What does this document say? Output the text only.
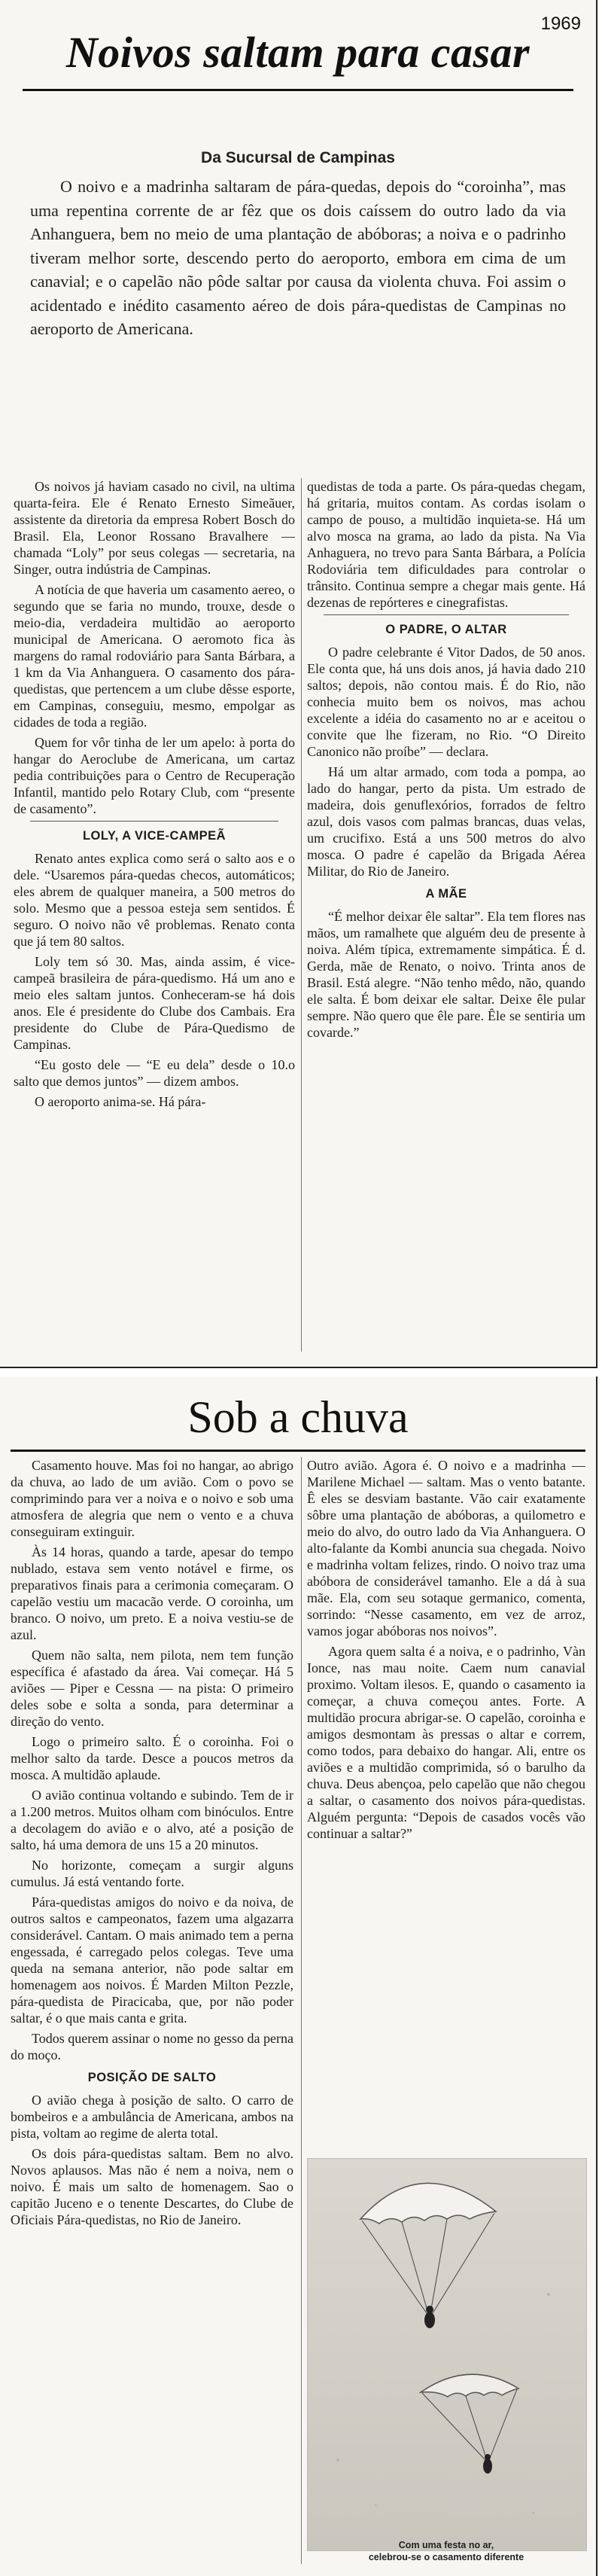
1969
Noivos saltam para casar
Da Sucursal de Campinas

O noivo e a madrinha saltaram de pára-quedas, depois do “coroinha”, mas uma repentina corrente de ar fêz que os dois caíssem do outro lado da via Anhanguera, bem no meio de uma plantação de abóboras; a noiva e o padrinho tiveram melhor sorte, descendo perto do aeroporto, embora em cima de um canavial; e o capelão não pôde saltar por causa da violenta chuva. Foi assim o acidentado e inédito casamento aéreo de dois pára-quedistas de Campinas no aeroporto de Americana.

Os noivos já haviam casado no civil, na ultima quarta-feira. Ele é Renato Ernesto Simeãuer, assistente da diretoria da empresa Robert Bosch do Brasil. Ela, Leonor Rossano Bravalhere — chamada “Loly” por seus colegas — secretaria, na Singer, outra indústria de Campinas.

A notícia de que haveria um casamento aereo, o segundo que se faria no mundo, trouxe, desde o meio-dia, verdadeira multidão ao aeroporto municipal de Americana. O aeromoto fica às margens do ramal rodoviário para Santa Bárbara, a 1 km da Via Anhanguera. O casamento dos pára-quedistas, que pertencem a um clube dêsse esporte, em Campinas, conseguiu, mesmo, empolgar as cidades de toda a região.

Quem for vôr tinha de ler um apelo: à porta do hangar do Aeroclube de Americana, um cartaz pedia contribuições para o Centro de Recuperação Infantil, mantido pelo Rotary Club, com “presente de casamento”.

LOLY, A VICE-CAMPEÃ

Renato antes explica como será o salto aos e o dele. “Usaremos pára-quedas checos, automáticos; eles abrem de qualquer maneira, a 500 metros do solo. Mesmo que a pessoa esteja sem sentidos. É seguro. O noivo não vê problemas. Renato conta que já tem 80 saltos.

Loly tem só 30. Mas, ainda assim, é vice-campeã brasileira de pára-quedismo. Há um ano e meio eles saltam juntos. Conheceram-se há dois anos. Ele é presidente do Clube dos Cambais. Era presidente do Clube de Pára-Quedismo de Campinas.

“Eu gosto dele — “E eu dela” desde o 10.o salto que demos juntos” — dizem ambos.

O aeroporto anima-se. Há pára-

quedistas de toda a parte. Os pára-quedas chegam, há gritaria, muitos contam. As cordas isolam o campo de pouso, a multidão inquieta-se. Há um alvo mosca na grama, ao lado da pista. Na Via Anhaguera, no trevo para Santa Bárbara, a Polícia Rodoviária tem dificuldades para controlar o trânsito. Continua sempre a chegar mais gente. Há dezenas de repórteres e cinegrafistas.

O PADRE, O ALTAR

O padre celebrante é Vitor Dados, de 50 anos. Ele conta que, há uns dois anos, já havia dado 210 saltos; depois, não contou mais. É do Rio, não conhecia muito bem os noivos, mas achou excelente a idéia do casamento no ar e aceitou o convite que lhe fizeram, no Rio. “O Direito Canonico não proíbe” — declara.

Há um altar armado, com toda a pompa, ao lado do hangar, perto da pista. Um estrado de madeira, dois genuflexórios, forrados de feltro azul, dois vasos com palmas brancas, duas velas, um crucifixo. Está a uns 500 metros do alvo mosca. O padre é capelão da Brigada Aérea Militar, do Rio de Janeiro.

A MÃE

“É melhor deixar êle saltar”. Ela tem flores nas mãos, um ramalhete que alguém deu de presente à noiva. Além típica, extremamente simpática. É d. Gerda, mãe de Renato, o noivo. Trinta anos de Brasil. Está alegre. “Não tenho mêdo, não, quando ele salta. É bom deixar ele saltar. Deixe êle pular sempre. Não quero que êle pare. Êle se sentiria um covarde.”

Sob a chuva

Casamento houve. Mas foi no hangar, ao abrigo da chuva, ao lado de um avião. Com o povo se comprimindo para ver a noiva e o noivo e sob uma atmosfera de alegria que nem o vento e a chuva conseguiram extinguir.

Às 14 horas, quando a tarde, apesar do tempo nublado, estava sem vento notável e firme, os preparativos finais para a cerimonia começaram. O capelão vestiu um macacão verde. O coroinha, um branco. O noivo, um preto. E a noiva vestiu-se de azul.

Quem não salta, nem pilota, nem tem função específica é afastado da área. Vai começar. Há 5 aviões — Piper e Cessna — na pista: O primeiro deles sobe e solta a sonda, para determinar a direção do vento.

Logo o primeiro salto. É o coroinha. Foi o melhor salto da tarde. Desce a poucos metros da mosca. A multidão aplaude.

O avião continua voltando e subindo. Tem de ir a 1.200 metros. Muitos olham com binóculos. Entre a decolagem do avião e o alvo, até a posição de salto, há uma demora de uns 15 a 20 minutos.

No horizonte, começam a surgir alguns cumulus. Já está ventando forte.

Pára-quedistas amigos do noivo e da noiva, de outros saltos e campeonatos, fazem uma algazarra considerável. Cantam. O mais animado tem a perna engessada, é carregado pelos colegas. Teve uma queda na semana anterior, não pode saltar em homenagem aos noivos. É Marden Milton Pezzle, pára-quedista de Piracicaba, que, por não poder saltar, é o que mais canta e grita.

Todos querem assinar o nome no gesso da perna do moço.

POSIÇÃO DE SALTO

O avião chega à posição de salto. O carro de bombeiros e a ambulância de Americana, ambos na pista, voltam ao regime de alerta total.

Os dois pára-quedistas saltam. Bem no alvo. Novos aplausos. Mas não é nem a noiva, nem o noivo. É mais um salto de homenagem. Sao o capitão Juceno e o tenente Descartes, do Clube de Oficiais Pára-quedistas, no Rio de Janeiro.

Outro avião. Agora é. O noivo e a madrinha — Marilene Michael — saltam. Mas o vento batante. Ê eles se desviam bastante. Vão cair exatamente sôbre uma plantação de abóboras, a quilometro e meio do alvo, do outro lado da Via Anhanguera. O alto-falante da Kombi anuncia sua chegada. Noivo e madrinha voltam felizes, rindo. O noivo traz uma abóbora de considerável tamanho. Ele a dá à sua mãe. Ela, com seu sotaque germanico, comenta, sorrindo: “Nesse casamento, em vez de arroz, vamos jogar abóboras nos noivos”.

Agora quem salta é a noiva, e o padrinho, Vàn Ionce, nas mau noite. Caem num canavial proximo. Voltam ilesos. E, quando o casamento ia começar, a chuva começou antes. Forte. A multidão procura abrigar-se. O capelão, coroinha e amigos desmontam às pressas o altar e correm, como todos, para debaixo do hangar. Ali, entre os aviões e a multidão comprimida, só o barulho da chuva. Deus abençoa, pelo capelão que não chegou a saltar, o casamento dos noivos pára-quedistas. Alguém pergunta: “Depois de casados vocês vão continuar a saltar?”

Com uma festa no ar,
celebrou-se o casamento diferente
